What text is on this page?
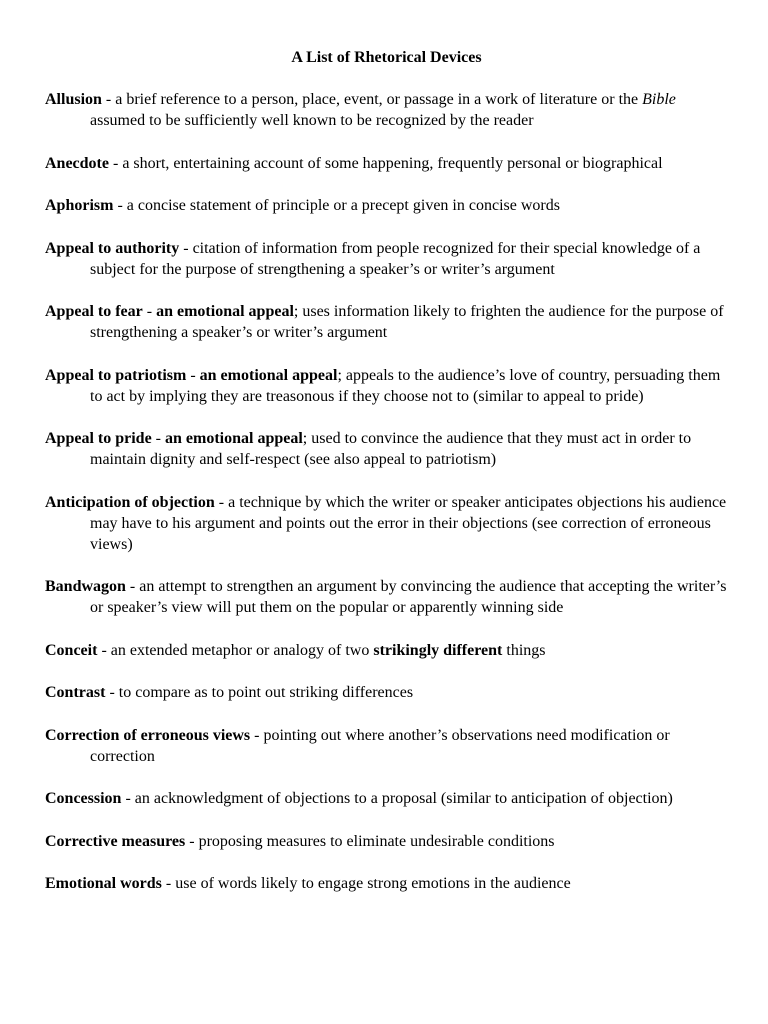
A List of Rhetorical Devices

Allusion - a brief reference to a person, place, event, or passage in a work of literature or the Bible assumed to be sufficiently well known to be recognized by the reader

Anecdote - a short, entertaining account of some happening, frequently personal or biographical

Aphorism - a concise statement of principle or a precept given in concise words

Appeal to authority - citation of information from people recognized for their special knowledge of a subject for the purpose of strengthening a speaker’s or writer’s argument

Appeal to fear - an emotional appeal; uses information likely to frighten the audience for the purpose of strengthening a speaker’s or writer’s argument

Appeal to patriotism - an emotional appeal; appeals to the audience’s love of country, persuading them to act by implying they are treasonous if they choose not to (similar to appeal to pride)

Appeal to pride - an emotional appeal; used to convince the audience that they must act in order to maintain dignity and self-respect (see also appeal to patriotism)

Anticipation of objection - a technique by which the writer or speaker anticipates objections his audience may have to his argument and points out the error in their objections (see correction of erroneous views)

Bandwagon - an attempt to strengthen an argument by convincing the audience that accepting the writer’s or speaker’s view will put them on the popular or apparently winning side

Conceit - an extended metaphor or analogy of two strikingly different things

Contrast - to compare as to point out striking differences

Correction of erroneous views - pointing out where another’s observations need modification or correction

Concession - an acknowledgment of objections to a proposal (similar to anticipation of objection)

Corrective measures - proposing measures to eliminate undesirable conditions

Emotional words - use of words likely to engage strong emotions in the audience
